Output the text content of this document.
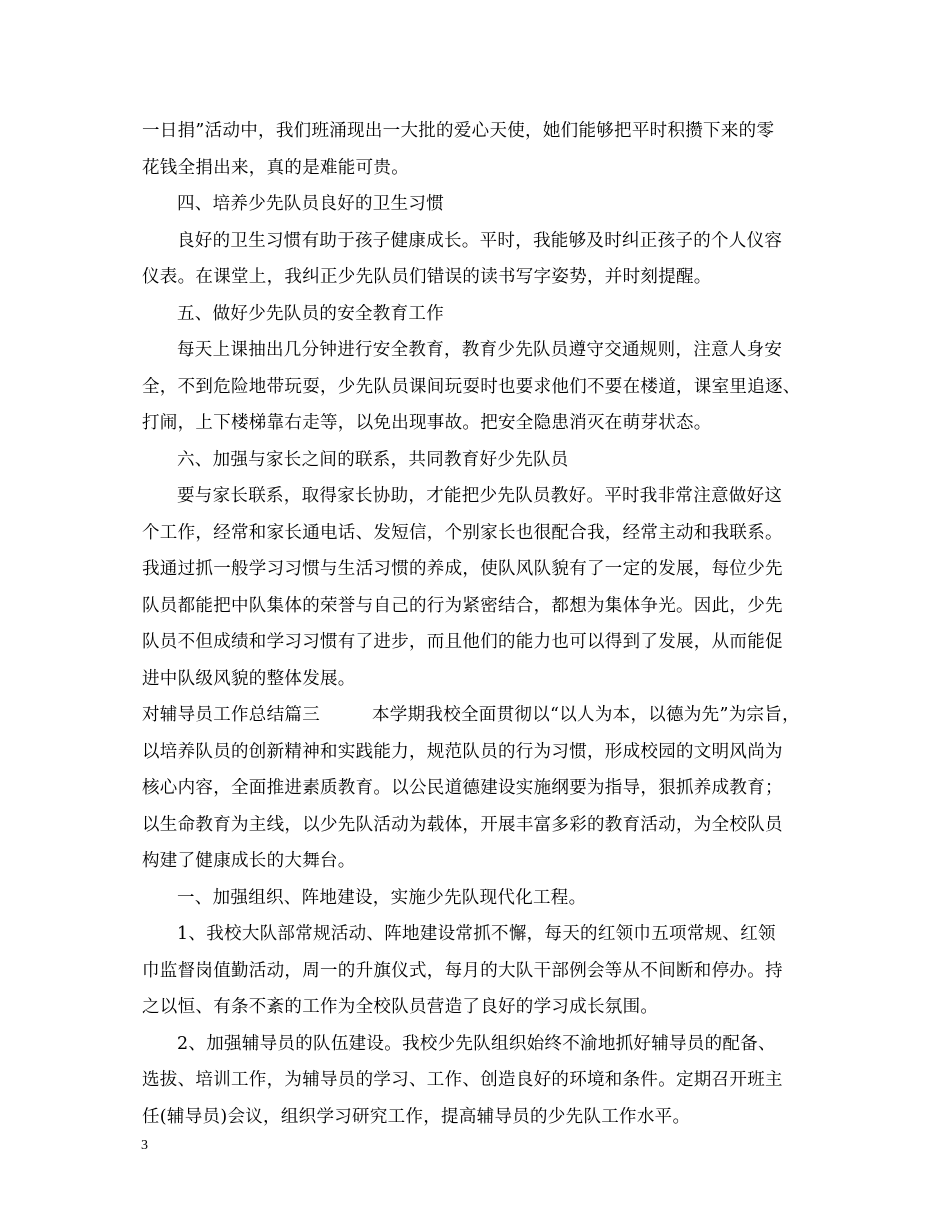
一日捐”活动中，我们班涌现出一大批的爱心天使，她们能够把平时积攒下来的零
花钱全捐出来，真的是难能可贵。
四、培养少先队员良好的卫生习惯
良好的卫生习惯有助于孩子健康成长。平时，我能够及时纠正孩子的个人仪容
仪表。在课堂上，我纠正少先队员们错误的读书写字姿势，并时刻提醒。
五、做好少先队员的安全教育工作
每天上课抽出几分钟进行安全教育，教育少先队员遵守交通规则，注意人身安
全，不到危险地带玩耍，少先队员课间玩耍时也要求他们不要在楼道，课室里追逐、
打闹，上下楼梯靠右走等，以免出现事故。把安全隐患消灭在萌芽状态。
六、加强与家长之间的联系，共同教育好少先队员
要与家长联系，取得家长协助，才能把少先队员教好。平时我非常注意做好这
个工作，经常和家长通电话、发短信，个别家长也很配合我，经常主动和我联系。
我通过抓一般学习习惯与生活习惯的养成，使队风队貌有了一定的发展，每位少先
队员都能把中队集体的荣誉与自己的行为紧密结合，都想为集体争光。因此，少先
队员不但成绩和学习习惯有了进步，而且他们的能力也可以得到了发展，从而能促
进中队级风貌的整体发展。
对辅导员工作总结篇三	本学期我校全面贯彻以“以人为本，以德为先”为宗旨，
以培养队员的创新精神和实践能力，规范队员的行为习惯，形成校园的文明风尚为
核心内容，全面推进素质教育。以公民道德建设实施纲要为指导，狠抓养成教育；
以生命教育为主线，以少先队活动为载体，开展丰富多彩的教育活动，为全校队员
构建了健康成长的大舞台。
一、加强组织、阵地建设，实施少先队现代化工程。
1、我校大队部常规活动、阵地建设常抓不懈，每天的红领巾五项常规、红领
巾监督岗值勤活动，周一的升旗仪式，每月的大队干部例会等从不间断和停办。持
之以恒、有条不紊的工作为全校队员营造了良好的学习成长氛围。
2、加强辅导员的队伍建设。我校少先队组织始终不渝地抓好辅导员的配备、
选拔、培训工作，为辅导员的学习、工作、创造良好的环境和条件。定期召开班主
任(辅导员)会议，组织学习研究工作，提高辅导员的少先队工作水平。
3
